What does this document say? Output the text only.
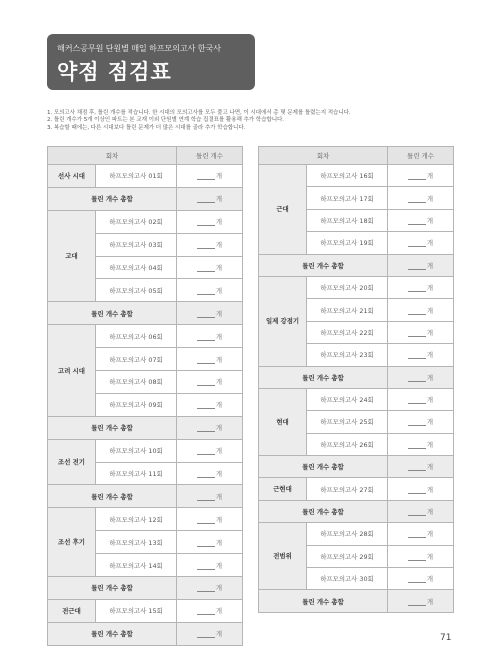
해커스공무원 단원별 매일 하프모의고사 한국사
약점 점검표
1. 모의고사 채점 후, 틀린 개수를 적습니다. 한 시대의 모의고사를 모두 풀고 나면, 이 시대에서 총 몇 문제를 틀렸는지 적습니다.
2. 틀린 개수가 5개 이상인 파트는 본 교재 이외 단원별 연계 학습 집결표를 활용해 추가 학습합니다.
3. 복습할 때에는, 다른 시대보다 틀린 문제가 더 많은 시대를 골라 추가 학습합니다.
회차		틀린 개수
선사 시대	하프모의고사 01회	개
틀린 개수 총합		개
고대	하프모의고사 02회	개
	하프모의고사 03회	개
	하프모의고사 04회	개
	하프모의고사 05회	개
틀린 개수 총합		개
고려 시대	하프모의고사 06회	개
	하프모의고사 07회	개
	하프모의고사 08회	개
	하프모의고사 09회	개
틀린 개수 총합		개
조선 전기	하프모의고사 10회	개
	하프모의고사 11회	개
틀린 개수 총합		개
조선 후기	하프모의고사 12회	개
	하프모의고사 13회	개
	하프모의고사 14회	개
틀린 개수 총합		개
전근대	하프모의고사 15회	개
틀린 개수 총합		개
회차		틀린 개수
근대	하프모의고사 16회	개
	하프모의고사 17회	개
	하프모의고사 18회	개
	하프모의고사 19회	개
틀린 개수 총합		개
일제 강점기	하프모의고사 20회	개
	하프모의고사 21회	개
	하프모의고사 22회	개
	하프모의고사 23회	개
틀린 개수 총합		개
현대	하프모의고사 24회	개
	하프모의고사 25회	개
	하프모의고사 26회	개
틀린 개수 총합		개
근현대	하프모의고사 27회	개
틀린 개수 총합		개
전범위	하프모의고사 28회	개
	하프모의고사 29회	개
	하프모의고사 30회	개
틀린 개수 총합		개
71
